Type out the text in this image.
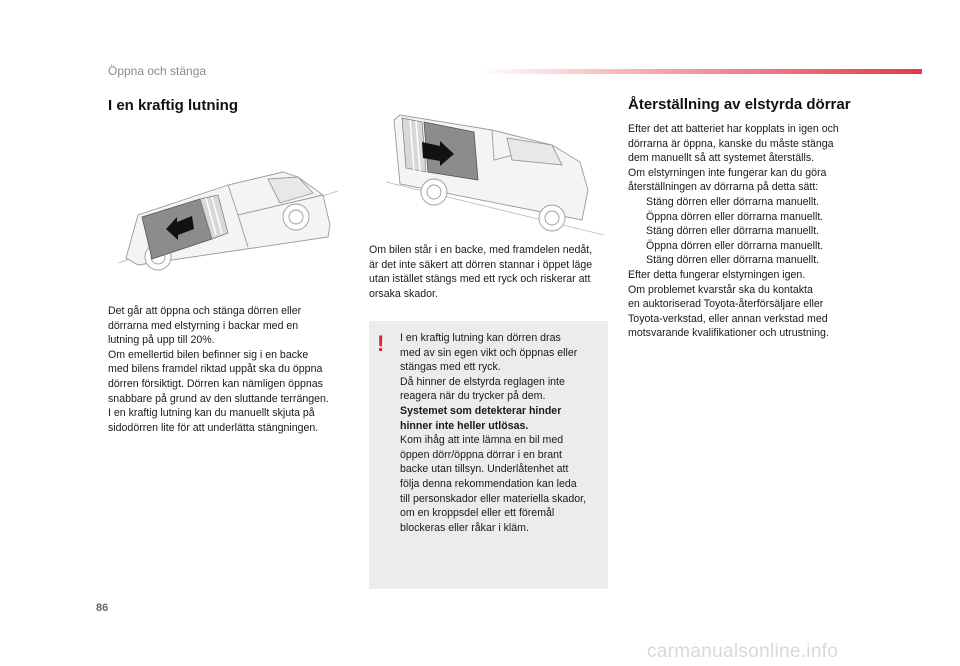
Öppna och stänga
I en kraftig lutning

Det går att öppna och stänga dörren eller
dörrarna med elstyrning i backar med en
lutning på upp till 20%.
Om emellertid bilen befinner sig i en backe
med bilens framdel riktad uppåt ska du öppna
dörren försiktigt. Dörren kan nämligen öppnas
snabbare på grund av den sluttande terrängen.
I en kraftig lutning kan du manuellt skjuta på
sidodörren lite för att underlätta stängningen.

Om bilen står i en backe, med framdelen nedåt,
är det inte säkert att dörren stannar i öppet läge
utan istället stängs med ett ryck och riskerar att
orsaka skador.

! I en kraftig lutning kan dörren dras
med av sin egen vikt och öppnas eller
stängas med ett ryck.
Då hinner de elstyrda reglagen inte
reagera när du trycker på dem.
Systemet som detekterar hinder
hinner inte heller utlösas.
Kom ihåg att inte lämna en bil med
öppen dörr/öppna dörrar i en brant
backe utan tillsyn. Underlåtenhet att
följa denna rekommendation kan leda
till personskador eller materiella skador,
om en kroppsdel eller ett föremål
blockeras eller råkar i kläm.

Återställning av elstyrda dörrar
Efter det att batteriet har kopplats in igen och
dörrarna är öppna, kanske du måste stänga
dem manuellt så att systemet återställs.
Om elstyrningen inte fungerar kan du göra
återställningen av dörrarna på detta sätt:
Stäng dörren eller dörrarna manuellt.
Öppna dörren eller dörrarna manuellt.
Stäng dörren eller dörrarna manuellt.
Öppna dörren eller dörrarna manuellt.
Stäng dörren eller dörrarna manuellt.
Efter detta fungerar elstyrningen igen.
Om problemet kvarstår ska du kontakta
en auktoriserad Toyota-återförsäljare eller
Toyota-verkstad, eller annan verkstad med
motsvarande kvalifikationer och utrustning.
86
carmanualsonline.info
